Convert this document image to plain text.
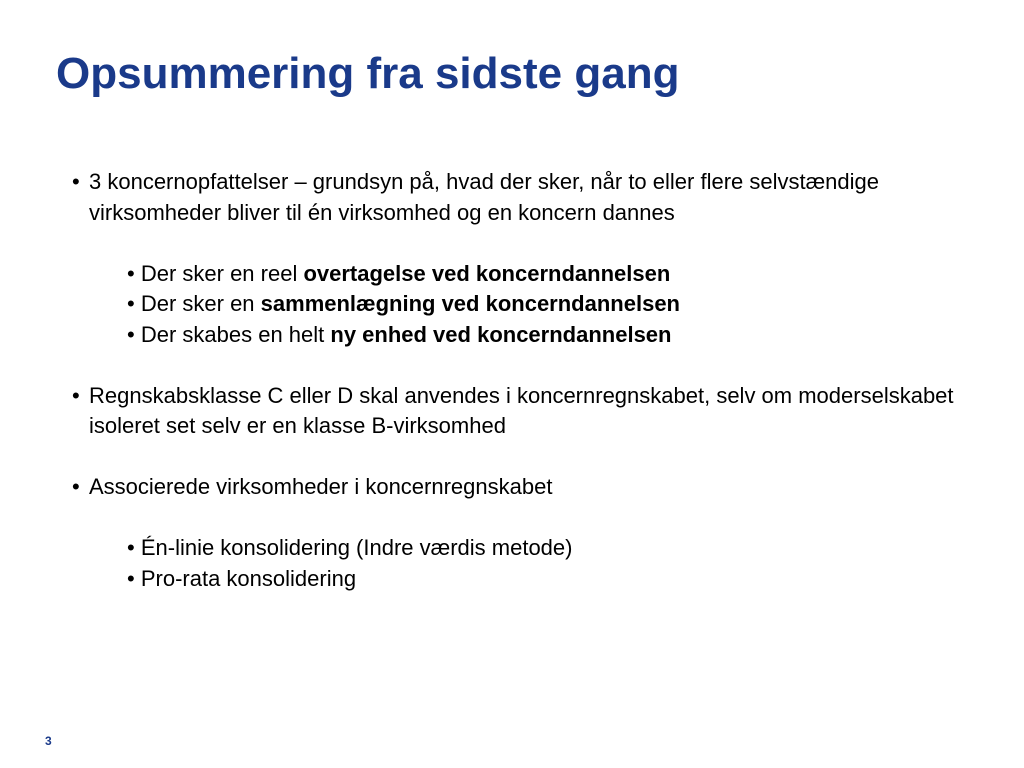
Opsummering fra sidste gang
• 3 koncernopfattelser – grundsyn på, hvad der sker, når to eller flere selvstændige virksomheder bliver til én virksomhed og en koncern dannes
• Der sker en reel overtagelse ved koncerndannelsen
• Der sker en sammenlægning ved koncerndannelsen
• Der skabes en helt ny enhed ved koncerndannelsen
• Regnskabsklasse C eller D skal anvendes i koncernregnskabet, selv om moderselskabet isoleret set selv er en klasse B-virksomhed
• Associerede virksomheder i koncernregnskabet
• Én-linie konsolidering (Indre værdis metode)
• Pro-rata konsolidering
3
